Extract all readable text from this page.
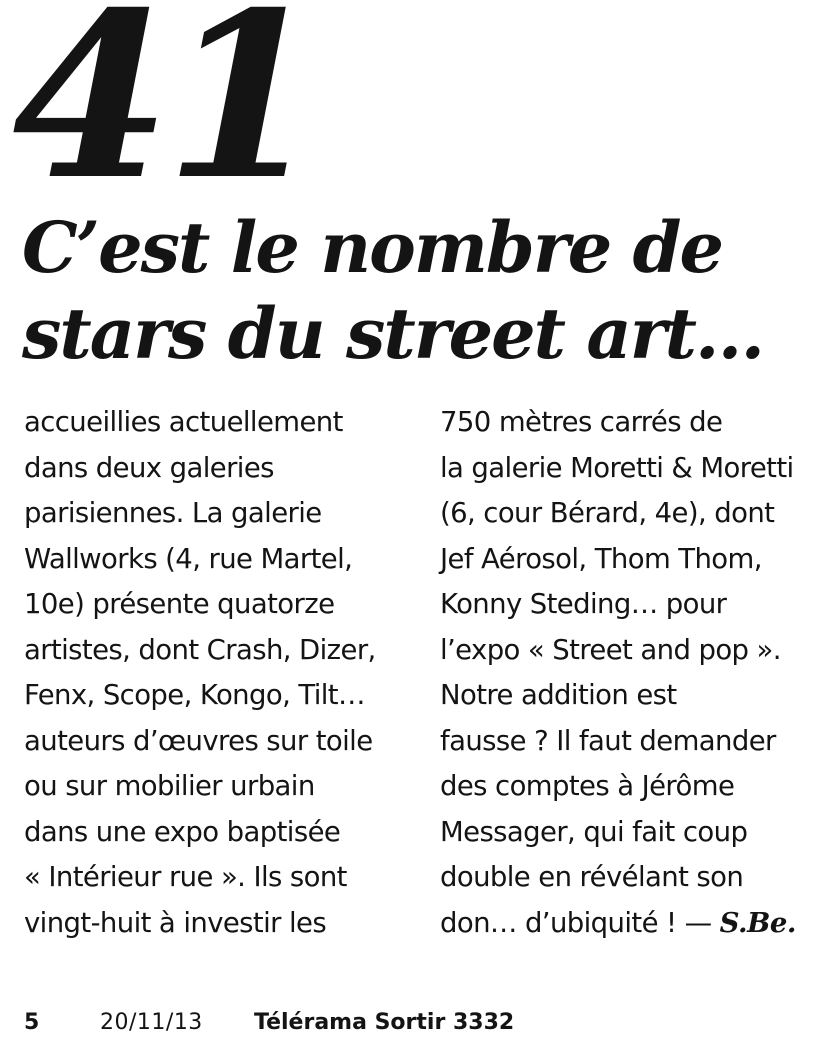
41
C’est le nombre de
stars du street art…
accueillies actuellement
dans deux galeries
parisiennes. La galerie
Wallworks (4, rue Martel,
10e) présente quatorze
artistes, dont Crash, Dizer,
Fenx, Scope, Kongo, Tilt…
auteurs d’œuvres sur toile
ou sur mobilier urbain
dans une expo baptisée
« Intérieur rue ». Ils sont
vingt-huit à investir les
750 mètres carrés de
la galerie Moretti & Moretti
(6, cour Bérard, 4e), dont
Jef Aérosol, Thom Thom,
Konny Steding… pour
l’expo « Street and pop ».
Notre addition est
fausse ? Il faut demander
des comptes à Jérôme
Messager, qui fait coup
double en révélant son
don… d’ubiquité ! — S.Be.
5	20/11/13 Télérama Sortir 3332
